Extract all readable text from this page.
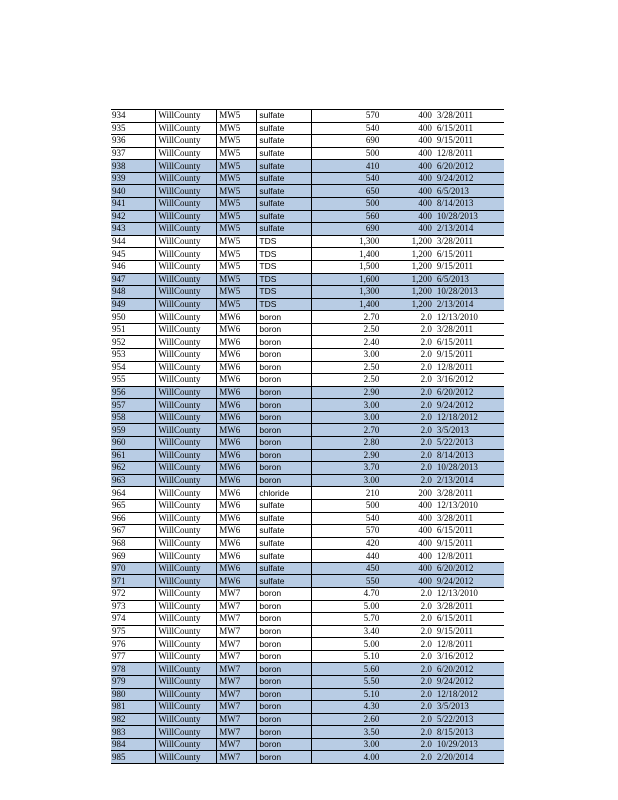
934	WillCounty	MW5	sulfate	570	400	3/28/2011
935	WillCounty	MW5	sulfate	540	400	6/15/2011
936	WillCounty	MW5	sulfate	690	400	9/15/2011
937	WillCounty	MW5	sulfate	500	400	12/8/2011
938	WillCounty	MW5	sulfate	410	400	6/20/2012
939	WillCounty	MW5	sulfate	540	400	9/24/2012
940	WillCounty	MW5	sulfate	650	400	6/5/2013
941	WillCounty	MW5	sulfate	500	400	8/14/2013
942	WillCounty	MW5	sulfate	560	400	10/28/2013
943	WillCounty	MW5	sulfate	690	400	2/13/2014
944	WillCounty	MW5	TDS	1,300	1,200	3/28/2011
945	WillCounty	MW5	TDS	1,400	1,200	6/15/2011
946	WillCounty	MW5	TDS	1,500	1,200	9/15/2011
947	WillCounty	MW5	TDS	1,600	1,200	6/5/2013
948	WillCounty	MW5	TDS	1,300	1,200	10/28/2013
949	WillCounty	MW5	TDS	1,400	1,200	2/13/2014
950	WillCounty	MW6	boron	2.70	2.0	12/13/2010
951	WillCounty	MW6	boron	2.50	2.0	3/28/2011
952	WillCounty	MW6	boron	2.40	2.0	6/15/2011
953	WillCounty	MW6	boron	3.00	2.0	9/15/2011
954	WillCounty	MW6	boron	2.50	2.0	12/8/2011
955	WillCounty	MW6	boron	2.50	2.0	3/16/2012
956	WillCounty	MW6	boron	2.90	2.0	6/20/2012
957	WillCounty	MW6	boron	3.00	2.0	9/24/2012
958	WillCounty	MW6	boron	3.00	2.0	12/18/2012
959	WillCounty	MW6	boron	2.70	2.0	3/5/2013
960	WillCounty	MW6	boron	2.80	2.0	5/22/2013
961	WillCounty	MW6	boron	2.90	2.0	8/14/2013
962	WillCounty	MW6	boron	3.70	2.0	10/28/2013
963	WillCounty	MW6	boron	3.00	2.0	2/13/2014
964	WillCounty	MW6	chloride	210	200	3/28/2011
965	WillCounty	MW6	sulfate	500	400	12/13/2010
966	WillCounty	MW6	sulfate	540	400	3/28/2011
967	WillCounty	MW6	sulfate	570	400	6/15/2011
968	WillCounty	MW6	sulfate	420	400	9/15/2011
969	WillCounty	MW6	sulfate	440	400	12/8/2011
970	WillCounty	MW6	sulfate	450	400	6/20/2012
971	WillCounty	MW6	sulfate	550	400	9/24/2012
972	WillCounty	MW7	boron	4.70	2.0	12/13/2010
973	WillCounty	MW7	boron	5.00	2.0	3/28/2011
974	WillCounty	MW7	boron	5.70	2.0	6/15/2011
975	WillCounty	MW7	boron	3.40	2.0	9/15/2011
976	WillCounty	MW7	boron	5.00	2.0	12/8/2011
977	WillCounty	MW7	boron	5.10	2.0	3/16/2012
978	WillCounty	MW7	boron	5.60	2.0	6/20/2012
979	WillCounty	MW7	boron	5.50	2.0	9/24/2012
980	WillCounty	MW7	boron	5.10	2.0	12/18/2012
981	WillCounty	MW7	boron	4.30	2.0	3/5/2013
982	WillCounty	MW7	boron	2.60	2.0	5/22/2013
983	WillCounty	MW7	boron	3.50	2.0	8/15/2013
984	WillCounty	MW7	boron	3.00	2.0	10/29/2013
985	WillCounty	MW7	boron	4.00	2.0	2/20/2014
